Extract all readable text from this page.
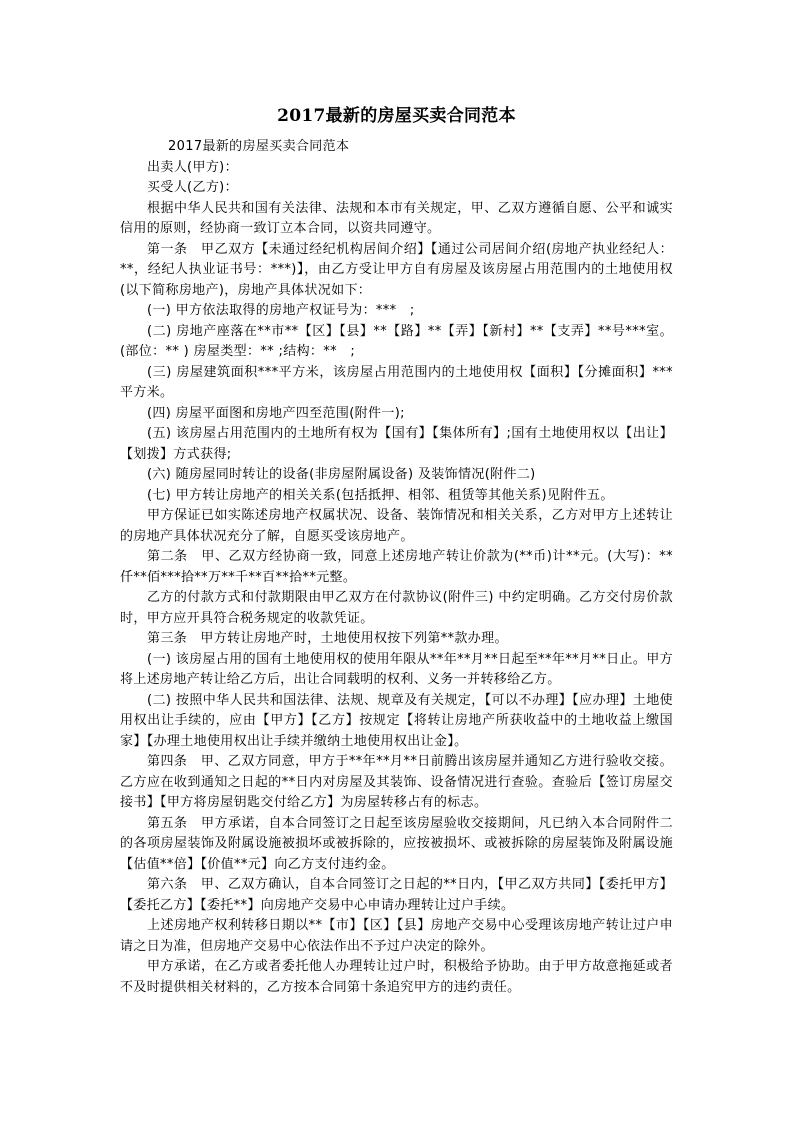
2017最新的房屋买卖合同范本

2017最新的房屋买卖合同范本

出卖人(甲方)：

买受人(乙方)：

根据中华人民共和国有关法律、法规和本市有关规定，甲、乙双方遵循自愿、公平和诚实信用的原则，经协商一致订立本合同，以资共同遵守。

第一条　甲乙双方【未通过经纪机构居间介绍】【通过公司居间介绍(房地产执业经纪人：**，经纪人执业证书号：***)】，由乙方受让甲方自有房屋及该房屋占用范围内的土地使用权(以下简称房地产)，房地产具体状况如下：

(一) 甲方依法取得的房地产权证号为：***　;

(二) 房地产座落在**市**【区】【县】**【路】**【弄】【新村】**【支弄】**号***室。(部位：** ) 房屋类型：** ;结构：**　;

(三) 房屋建筑面积***平方米，该房屋占用范围内的土地使用权【面积】【分摊面积】***平方米。

(四) 房屋平面图和房地产四至范围(附件一);

(五) 该房屋占用范围内的土地所有权为【国有】【集体所有】;国有土地使用权以【出让】【划拨】方式获得;

(六) 随房屋同时转让的设备(非房屋附属设备) 及装饰情况(附件二)

(七) 甲方转让房地产的相关关系(包括抵押、相邻、租赁等其他关系)见附件五。

甲方保证已如实陈述房地产权属状况、设备、装饰情况和相关关系，乙方对甲方上述转让的房地产具体状况充分了解，自愿买受该房地产。

第二条　甲、乙双方经协商一致，同意上述房地产转让价款为(**币)计**元。(大写)：**仟**佰***拾**万**千**百**拾**元整。

乙方的付款方式和付款期限由甲乙双方在付款协议(附件三) 中约定明确。乙方交付房价款时，甲方应开具符合税务规定的收款凭证。

第三条　甲方转让房地产时，土地使用权按下列第**款办理。

(一) 该房屋占用的国有土地使用权的使用年限从**年**月**日起至**年**月**日止。甲方将上述房地产转让给乙方后，出让合同载明的权利、义务一并转移给乙方。

(二) 按照中华人民共和国法律、法规、规章及有关规定，【可以不办理】【应办理】土地使用权出让手续的，应由【甲方】【乙方】按规定【将转让房地产所获收益中的土地收益上缴国家】【办理土地使用权出让手续并缴纳土地使用权出让金】。

第四条　甲、乙双方同意，甲方于**年**月**日前腾出该房屋并通知乙方进行验收交接。乙方应在收到通知之日起的**日内对房屋及其装饰、设备情况进行查验。查验后【签订房屋交接书】【甲方将房屋钥匙交付给乙方】为房屋转移占有的标志。

第五条　甲方承诺，自本合同签订之日起至该房屋验收交接期间，凡已纳入本合同附件二的各项房屋装饰及附属设施被损坏或被拆除的，应按被损坏、或被拆除的房屋装饰及附属设施【估值**倍】【价值**元】向乙方支付违约金。

第六条　甲、乙双方确认，自本合同签订之日起的**日内，【甲乙双方共同】【委托甲方】【委托乙方】【委托**】向房地产交易中心申请办理转让过户手续。

上述房地产权利转移日期以**【市】【区】【县】房地产交易中心受理该房地产转让过户申请之日为准，但房地产交易中心依法作出不予过户决定的除外。

甲方承诺，在乙方或者委托他人办理转让过户时，积极给予协助。由于甲方故意拖延或者不及时提供相关材料的，乙方按本合同第十条追究甲方的违约责任。
